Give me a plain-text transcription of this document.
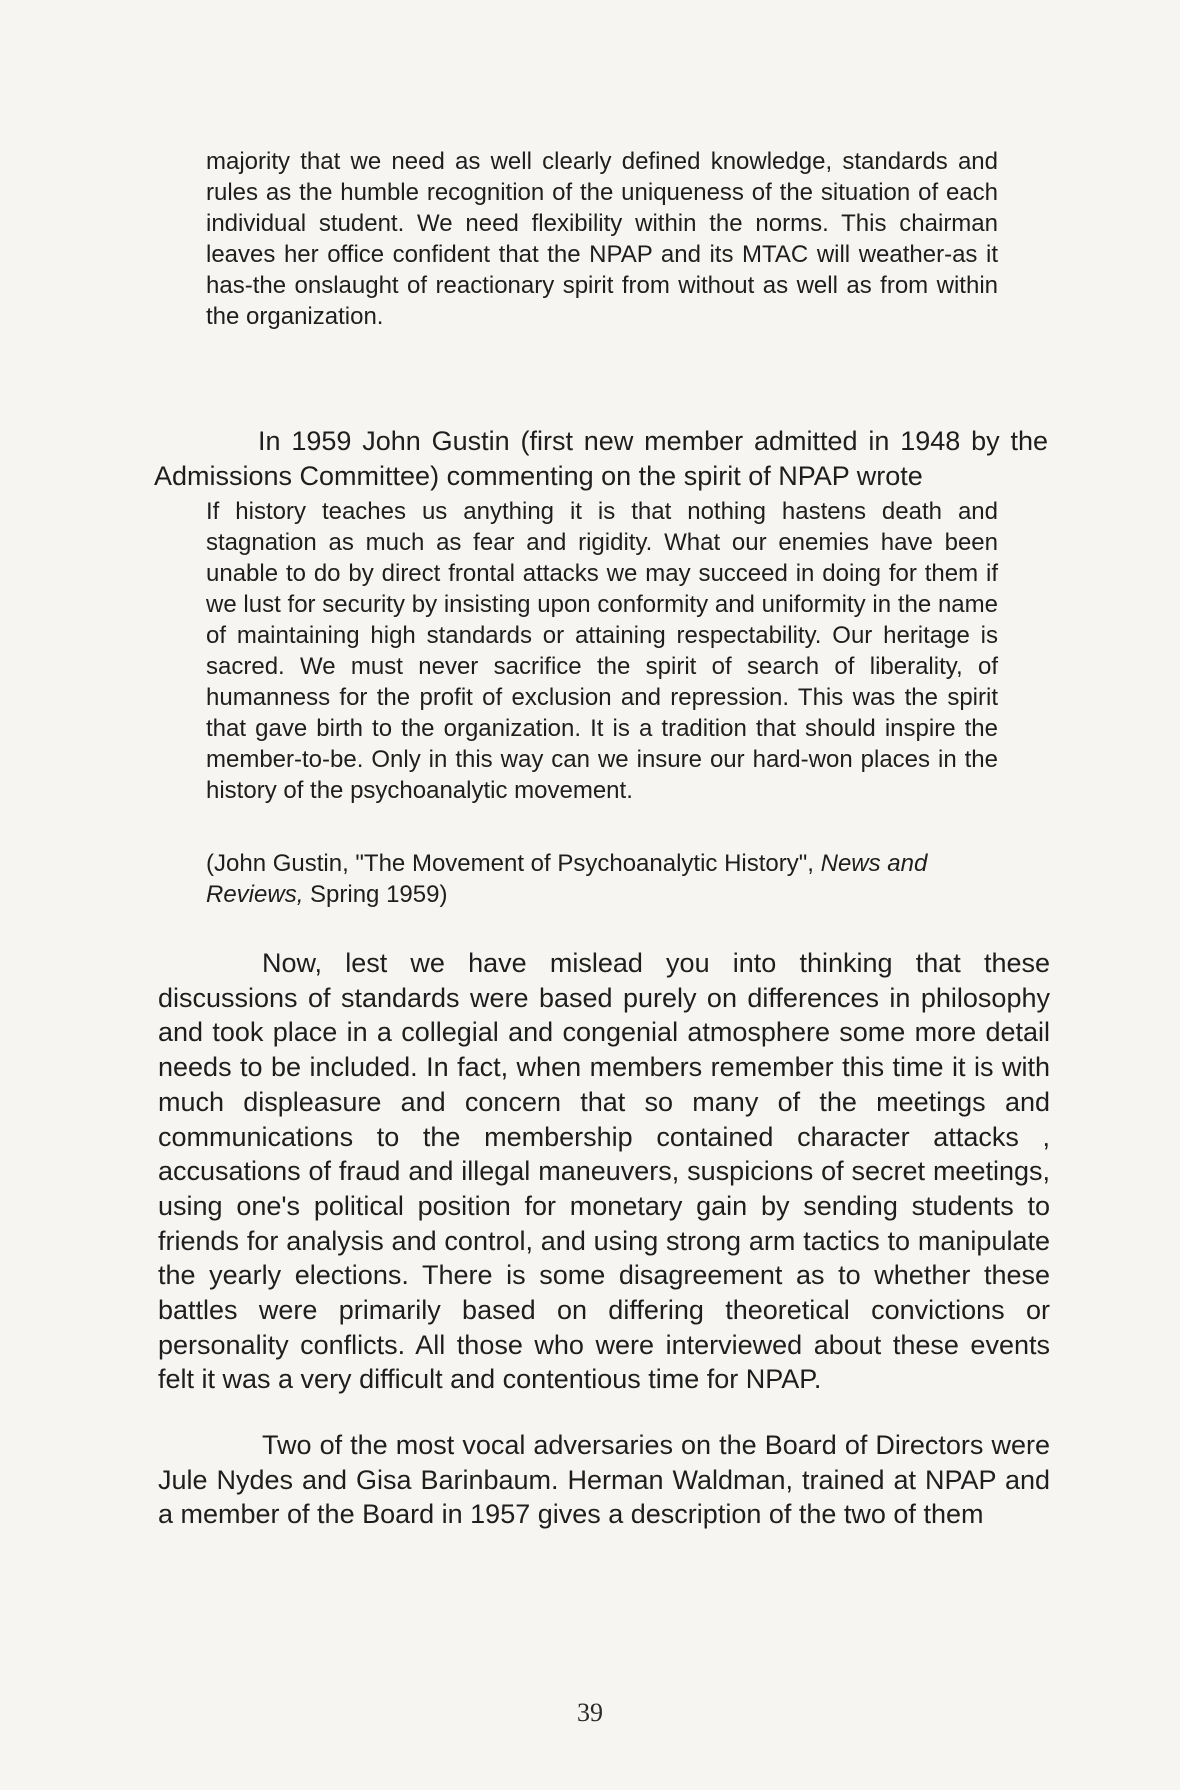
majority that we need as well clearly defined knowledge, standards and rules as the humble recognition of the uniqueness of the situation of each individual student. We need flexibility within the norms. This chairman leaves her office confident that the NPAP and its MTAC will weather-as it has-the onslaught of reactionary spirit from without as well as from within the organization.

In 1959 John Gustin (first new member admitted in 1948 by the Admissions Committee) commenting on the spirit of NPAP wrote

If history teaches us anything it is that nothing hastens death and stagnation as much as fear and rigidity. What our enemies have been unable to do by direct frontal attacks we may succeed in doing for them if we lust for security by insisting upon conformity and uniformity in the name of maintaining high standards or attaining respectability. Our heritage is sacred. We must never sacrifice the spirit of search of liberality, of humanness for the profit of exclusion and repression. This was the spirit that gave birth to the organization. It is a tradition that should inspire the member-to-be. Only in this way can we insure our hard-won places in the history of the psychoanalytic movement.

(John Gustin, "The Movement of Psychoanalytic History", News and Reviews, Spring 1959)

Now, lest we have mislead you into thinking that these discussions of standards were based purely on differences in philosophy and took place in a collegial and congenial atmosphere some more detail needs to be included. In fact, when members remember this time it is with much displeasure and concern that so many of the meetings and communications to the membership contained character attacks , accusations of fraud and illegal maneuvers, suspicions of secret meetings, using one's political position for monetary gain by sending students to friends for analysis and control, and using strong arm tactics to manipulate the yearly elections. There is some disagreement as to whether these battles were primarily based on differing theoretical convictions or personality conflicts. All those who were interviewed about these events felt it was a very difficult and contentious time for NPAP.

Two of the most vocal adversaries on the Board of Directors were Jule Nydes and Gisa Barinbaum. Herman Waldman, trained at NPAP and a member of the Board in 1957 gives a description of the two of them

39
